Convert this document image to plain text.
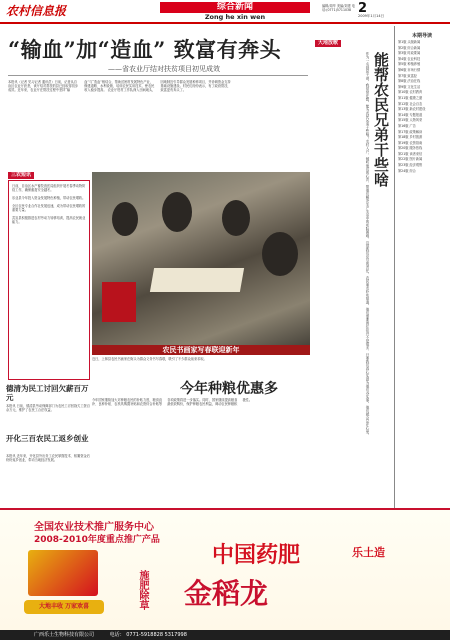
农村信息报	综合新闻
Zong he xin wen
编辑/周华 美编/刘建 电话:(0771)5711038 2
2009年1月14日
“输血”加“造血” 致富有奔头
——省农业厅结对扶贫项目初见成效
本报讯（记者 见习记者 通讯员）日前，记者从自治区农业厅获悉，该厅结对帮扶的县已经取得初步成效。近年来，农业厅在帮扶过程中坚持“输血”与“造血”相结合，帮助贫困村发展特色产业，修建道路、水利设施，培训农民实用技术，使农民收入稳步提高。 农业厅驻村工作队深入田间地头，因地制宜引导群众发展种养项目，并协调资金支持基础设施建设。村民们纷纷表示，有了政府帮扶，致富更有奔头了。
三农短讯
日前，自治区水产畜牧兽医局组织开展冬春季动物防疫工作，确保畜禽安全越冬。
乐业县今年投入资金发展特色种植，带动农民增收。
全区农民专业合作社发展迅速，成为带动农民增收的重要力量。
武宣县积极推进农村劳动力转移培训，提高农民就业能力。
农民书画家写春联迎新年
近日，上林县农民书画家在街头为群众义务书写春联，吸引了不少群众前来求取。
大地放歌
能帮农民兄弟干些啥
作为一名基层干部，我常常在想，能为农民兄弟干些啥？走村入户，倾听他们的心声，帮他们解决生产生活中的实际困难，这是我们应尽的责任。农民朋友朴实厚道，他们需要的往往并不是很多，只要我们真心实意为他们办实事，他们就会记在心里。
今年种粮优惠多
今年国家继续加大对种粮农民的补贴力度，粮食直补、良种补贴、农机具购置补贴和农资综合补贴等各项政策将进一步落实。同时，国家继续提高粮食最低收购价，保护种粮农民利益，调动农民种粮积极性。
德清为民工讨回欠薪百万元
本报讯 日前，德清县劳动保障部门为农民工讨回拖欠工资百余万元，维护了农民工合法权益。
开化三百农民工返乡创业
本报讯 近年来，开化县外出务工农民掌握技术、积累资金后纷纷返乡创业，带动当地经济发展。
本期导读
第1版 头版新闻
第2版 综合新闻
第3版 时政要闻
第4版 农业科技
第5版 种植养殖
第6版 市场行情
第7版 致富经
第8版 法治在线
第9版 文化生活
第10版 农村教育
第11版 健康之窗
第12版 社会百态
第13版 新农村建设
第14版 专题报道
第15版 人物风采
第16版 广告
第17版 政策解读
第18版 乡村旅游
第19版 农资指南
第20版 服务热线
第21版 读者来信
第22版 图片新闻
第23版 经济观察
第24版 综合
全国农业技术推广服务中心
2008-2010年度重点推广产品
大地丰收 万家欢喜	施肥除草
中国药肥	乐土造
金稻龙
广西乐土生物科技有限公司	电话： 0771-5918828 5317998
